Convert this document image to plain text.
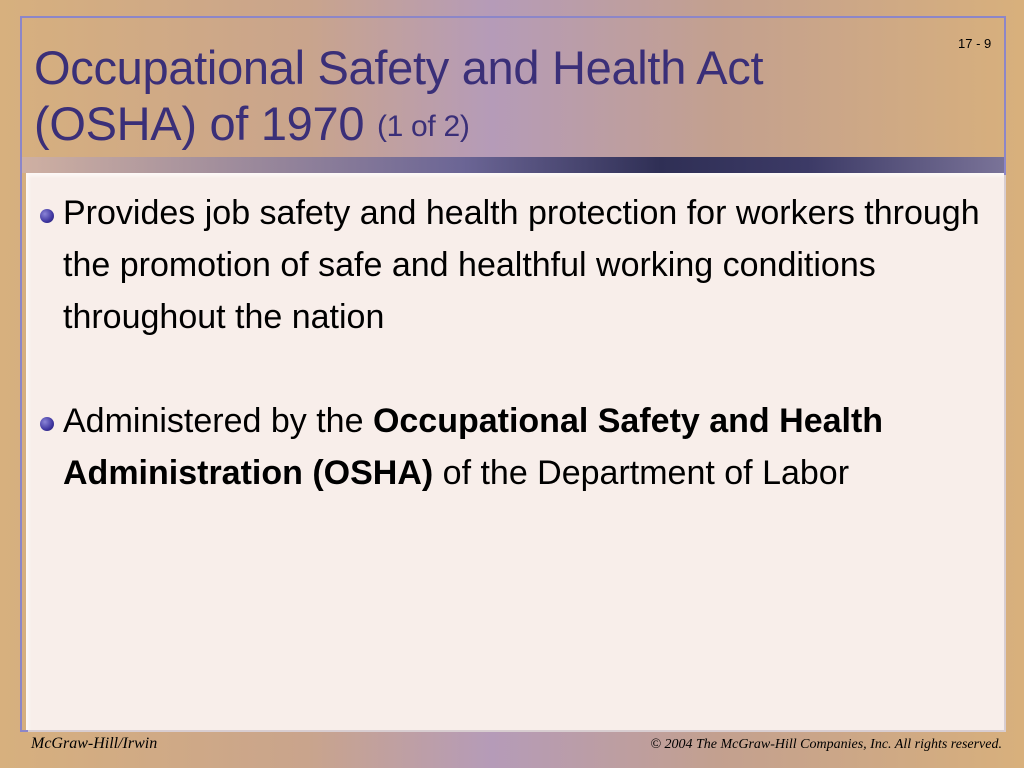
Occupational Safety and Health Act
(OSHA) of 1970 (1 of 2)
17 - 9
Provides job safety and health protection for workers through the promotion of safe and healthful working conditions throughout the nation
Administered by the Occupational Safety and Health Administration (OSHA) of the Department of Labor
McGraw-Hill/Irwin	© 2004 The McGraw-Hill Companies, Inc. All rights reserved.
